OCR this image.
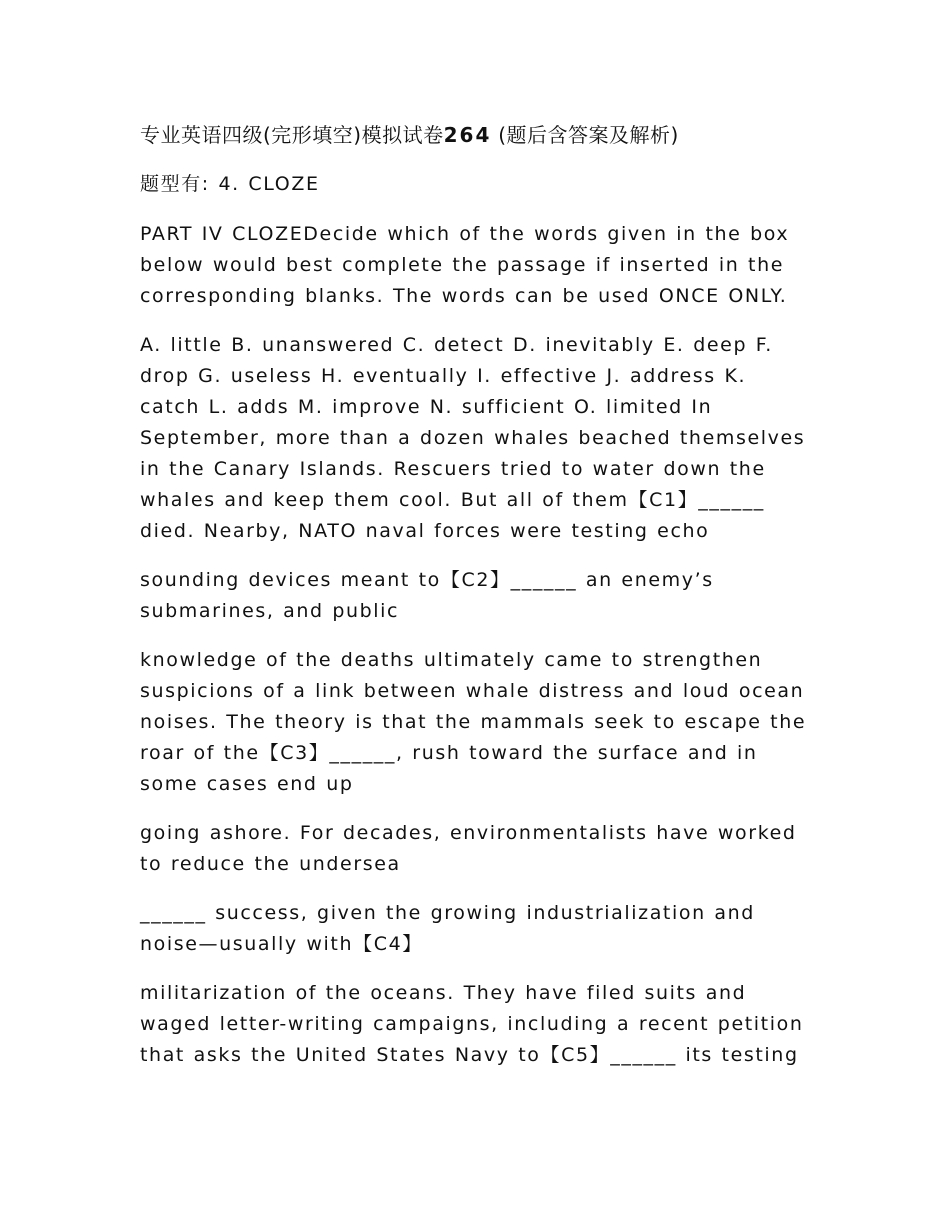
专业英语四级(完形填空)模拟试卷264 (题后含答案及解析)

题型有: 4. CLOZE

PART IV CLOZEDecide which of the words given in the box below would best complete the passage if inserted in the corresponding blanks. The words can be used ONCE ONLY.

A. little B. unanswered C. detect D. inevitably E. deep F. drop G. useless H. eventually I. effective J. address K. catch L. adds M. improve N. sufficient O. limited In September, more than a dozen whales beached themselves in the Canary Islands. Rescuers tried to water down the whales and keep them cool. But all of them【C1】______ died. Nearby, NATO naval forces were testing echo

sounding devices meant to【C2】______ an enemy’s submarines, and public

knowledge of the deaths ultimately came to strengthen suspicions of a link between whale distress and loud ocean noises. The theory is that the mammals seek to escape the roar of the【C3】______, rush toward the surface and in some cases end up

going ashore. For decades, environmentalists have worked to reduce the undersea

______ success, given the growing industrialization and noise—usually with【C4】

militarization of the oceans. They have filed suits and waged letter-writing campaigns, including a recent petition that asks the United States Navy to【C5】______ its testing
